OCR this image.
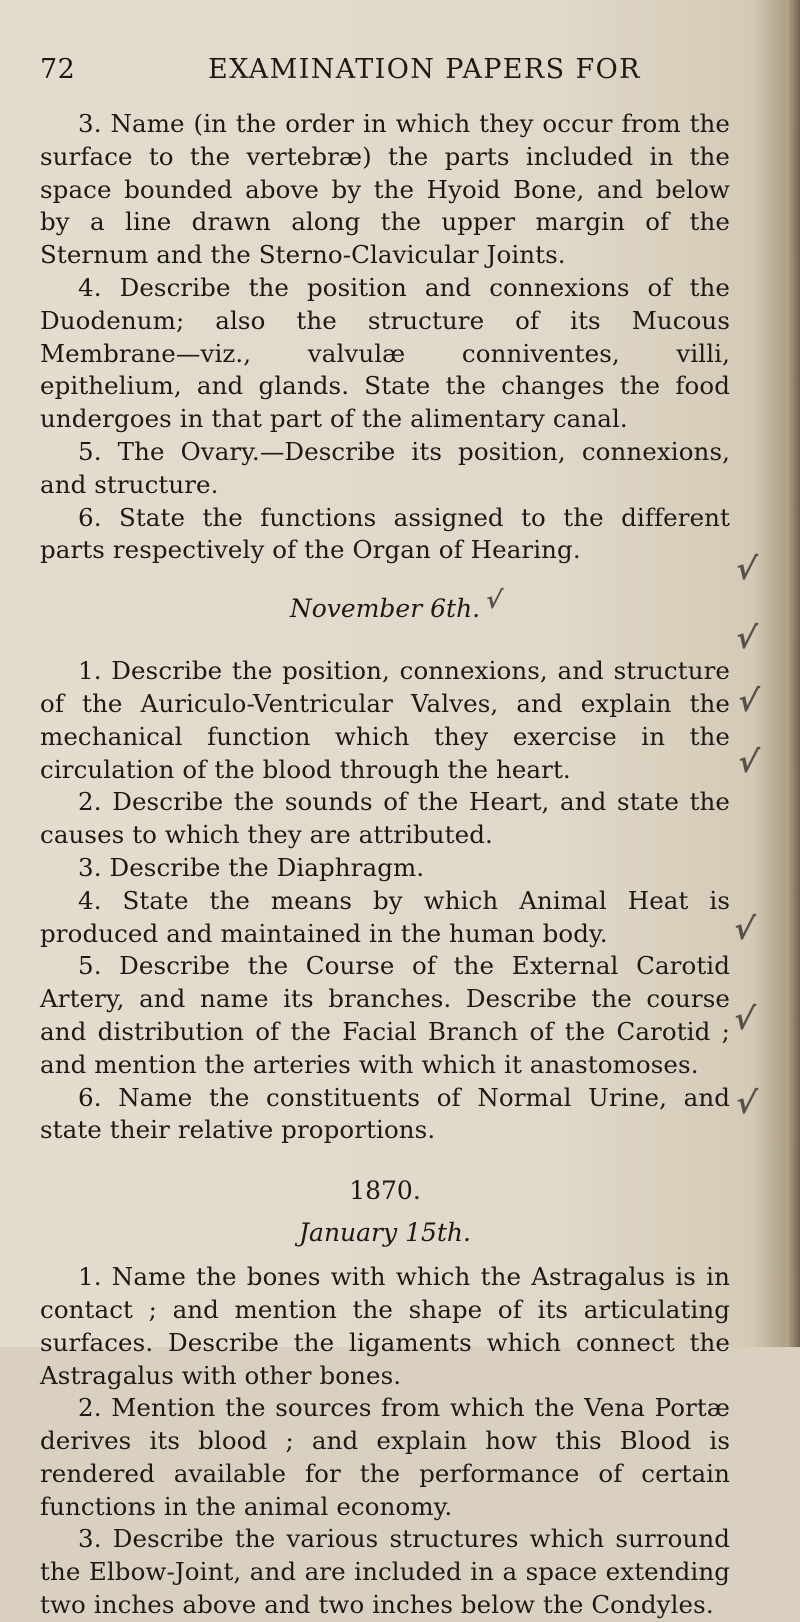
72	EXAMINATION PAPERS FOR

3. Name (in the order in which they occur from the surface to the vertebræ) the parts included in the space bounded above by the Hyoid Bone, and below by a line drawn along the upper margin of the Sternum and the Sterno-Clavicular Joints.

4. Describe the position and connexions of the Duodenum; also the structure of its Mucous Membrane—viz., valvulæ conniventes, villi, epithelium, and glands. State the changes the food undergoes in that part of the alimentary canal.

5. The Ovary.—Describe its position, connexions, and structure.

6. State the functions assigned to the different parts respectively of the Organ of Hearing.

November 6th.

1. Describe the position, connexions, and structure of the Auriculo-Ventricular Valves, and explain the mechanical function which they exercise in the circulation of the blood through the heart.

2. Describe the sounds of the Heart, and state the causes to which they are attributed.

3. Describe the Diaphragm.

4. State the means by which Animal Heat is produced and maintained in the human body.

5. Describe the Course of the External Carotid Artery, and name its branches. Describe the course and distribution of the Facial Branch of the Carotid ; and mention the arteries with which it anastomoses.

6. Name the constituents of Normal Urine, and state their relative proportions.

1870.
January 15th.

1. Name the bones with which the Astragalus is in contact ; and mention the shape of its articulating surfaces. Describe the ligaments which connect the Astragalus with other bones.

2. Mention the sources from which the Vena Portæ derives its blood ; and explain how this Blood is rendered available for the performance of certain functions in the animal economy.

3. Describe the various structures which surround the Elbow-Joint, and are included in a space extending two inches above and two inches below the Condyles.

√
√
√
√
√
√
√
√
